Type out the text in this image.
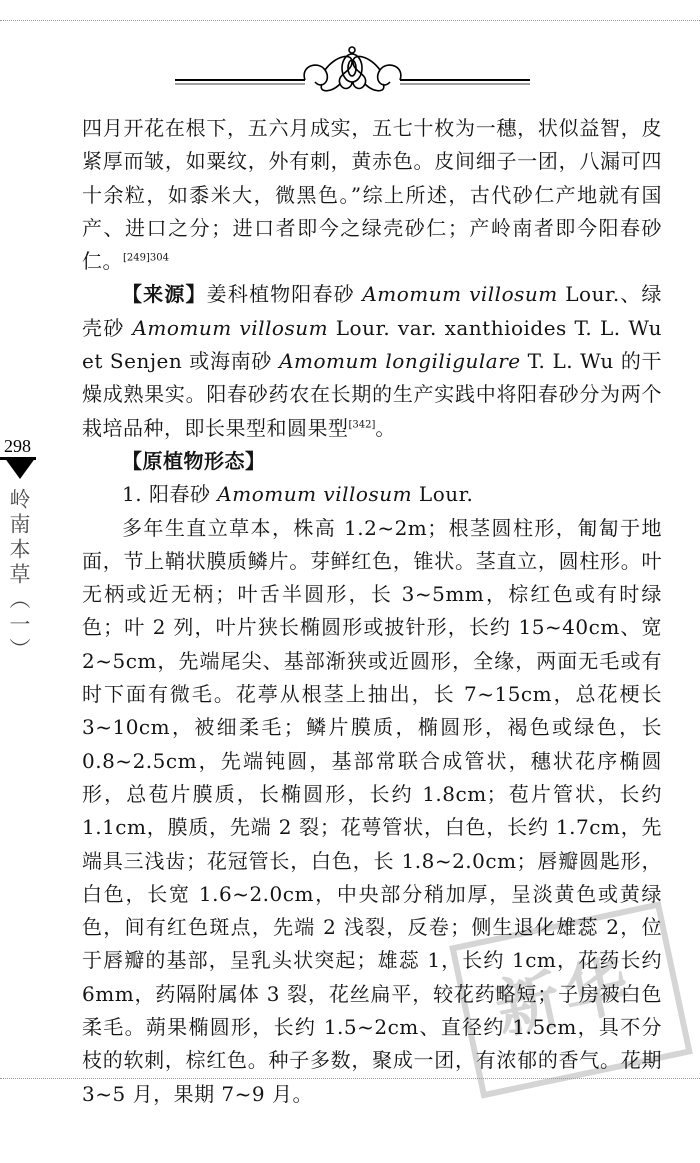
四月开花在根下，五六月成实，五七十枚为一穗，状似益智，皮紧厚而皱，如粟纹，外有刺，黄赤色。皮间细子一团，八漏可四十余粒，如黍米大，微黑色。”综上所述，古代砂仁产地就有国产、进口之分；进口者即今之绿壳砂仁；产岭南者即今阳春砂仁。$^{[249]304}$

【来源】姜科植物阳春砂 Amomum villosum Lour.、绿壳砂 Amomum villosum Lour. var. xanthioides T. L. Wu et Senjen 或海南砂 Amomum longiligulare T. L. Wu 的干燥成熟果实。阳春砂药农在长期的生产实践中将阳春砂分为两个栽培品种，即长果型和圆果型[342]。

【原植物形态】

1. 阳春砂 Amomum villosum Lour.

多年生直立草本，株高 1.2~2m；根茎圆柱形，匍匐于地面，节上鞘状膜质鳞片。芽鲜红色，锥状。茎直立，圆柱形。叶无柄或近无柄；叶舌半圆形，长 3~5mm，棕红色或有时绿色；叶 2 列，叶片狭长椭圆形或披针形，长约 15~40cm、宽 2~5cm，先端尾尖、基部渐狭或近圆形，全缘，两面无毛或有时下面有微毛。花葶从根茎上抽出，长 7~15cm，总花梗长 3~10cm，被细柔毛；鳞片膜质，椭圆形，褐色或绿色，长 0.8~2.5cm，先端钝圆，基部常联合成管状，穗状花序椭圆形，总苞片膜质，长椭圆形，长约 1.8cm；苞片管状，长约 1.1cm，膜质，先端 2 裂；花萼管状，白色，长约 1.7cm，先端具三浅齿；花冠管长，白色，长 1.8~2.0cm；唇瓣圆匙形，白色，长宽 1.6~2.0cm，中央部分稍加厚，呈淡黄色或黄绿色，间有红色斑点，先端 2 浅裂，反卷；侧生退化雄蕊 2，位于唇瓣的基部，呈乳头状突起；雄蕊 1，长约 1cm，花药长约 6mm，药隔附属体 3 裂，花丝扁平，较花药略短；子房被白色柔毛。蒴果椭圆形，长约 1.5~2cm、直径约 1.5cm，具不分枝的软刺，棕红色。种子多数，聚成一团，有浓郁的香气。花期 3~5 月，果期 7~9 月。

298
岭南本草（一）
新华
